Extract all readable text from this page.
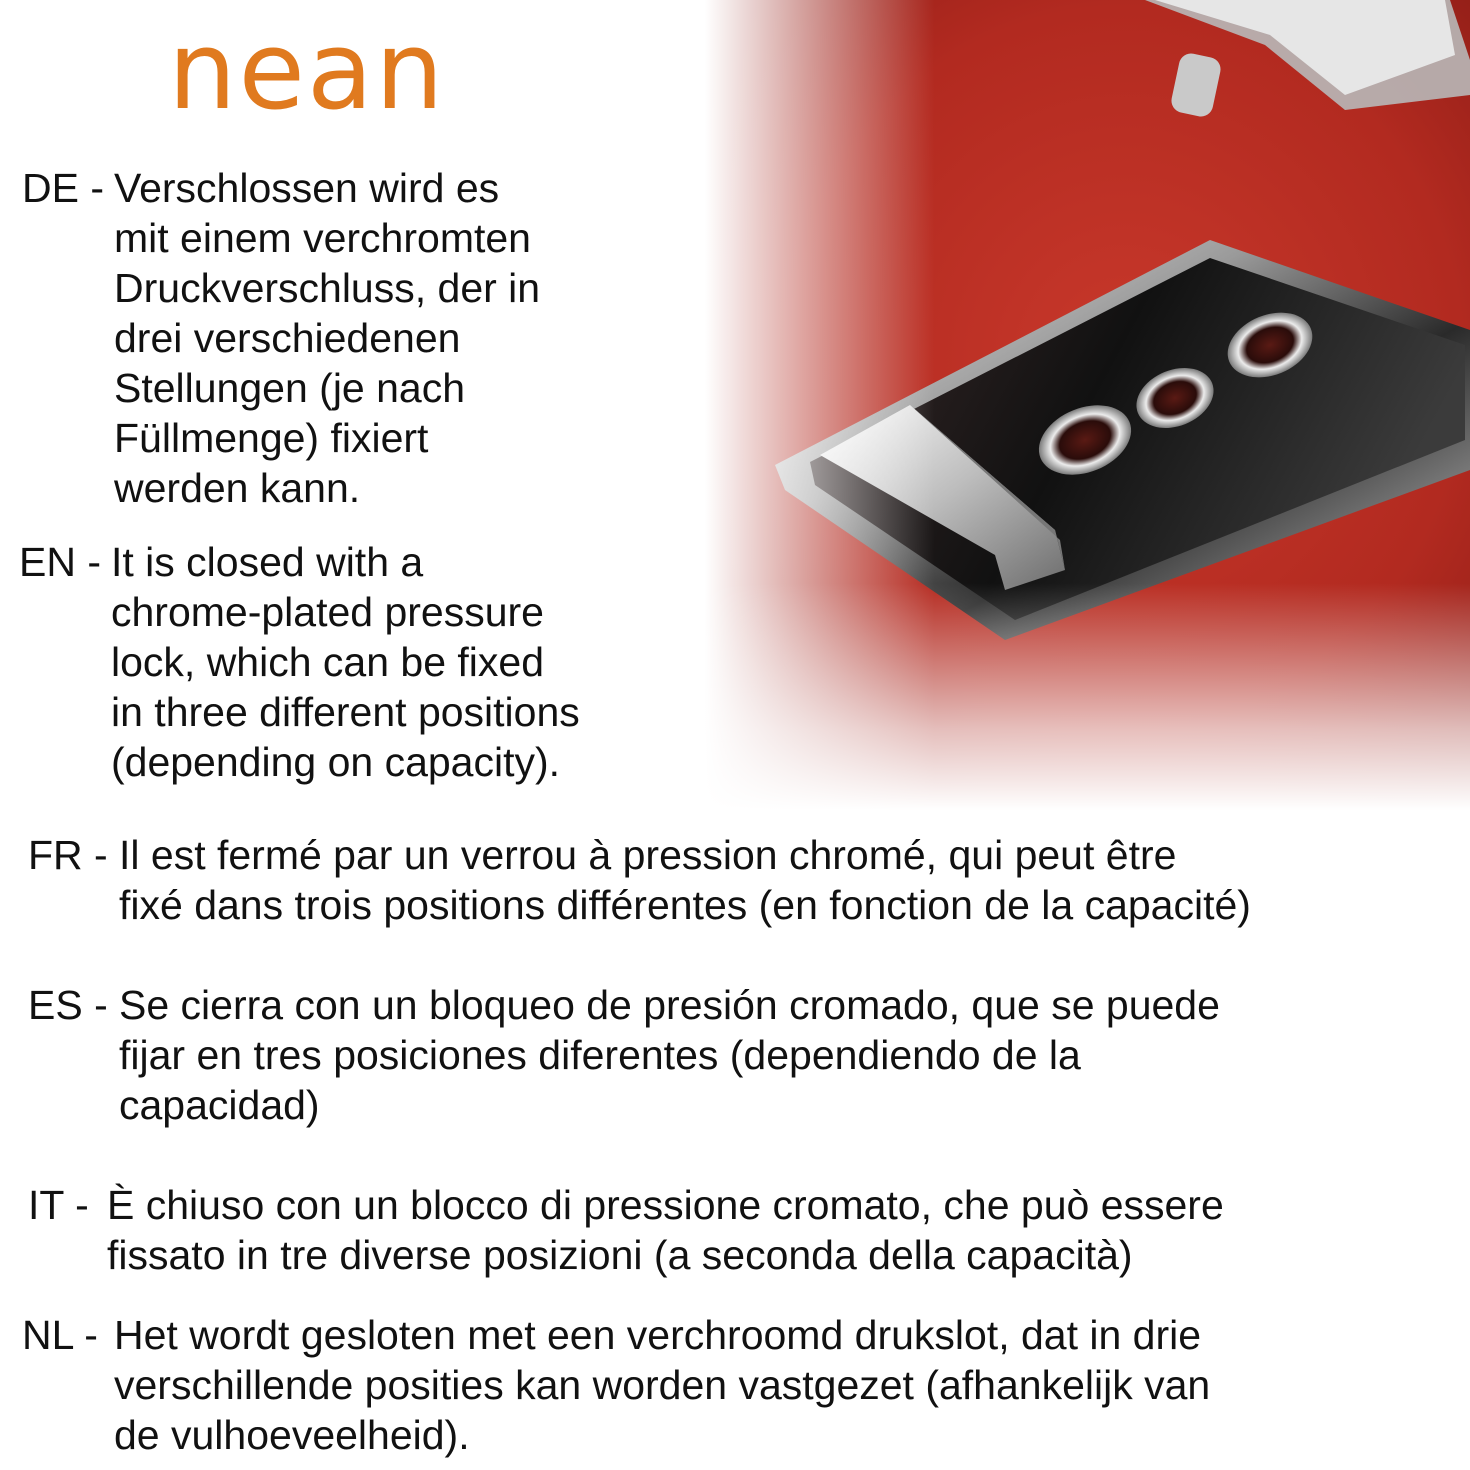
nean
DE - Verschlossen wird es
mit einem verchromten
Druckverschluss, der in
drei verschiedenen
Stellungen (je nach
Füllmenge) fixiert
werden kann.
EN - It is closed with a
chrome-plated pressure
lock, which can be fixed
in three different positions
(depending on capacity).
FR - Il est fermé par un verrou à pression chromé, qui peut être
fixé dans trois positions différentes (en fonction de la capacité)
ES - Se cierra con un bloqueo de presión cromado, que se puede
fijar en tres posiciones diferentes (dependiendo de la
capacidad)
IT - È chiuso con un blocco di pressione cromato, che può essere
fissato in tre diverse posizioni (a seconda della capacità)
NL - Het wordt gesloten met een verchroomd drukslot, dat in drie
verschillende posities kan worden vastgezet (afhankelijk van
de vulhoeveelheid).
